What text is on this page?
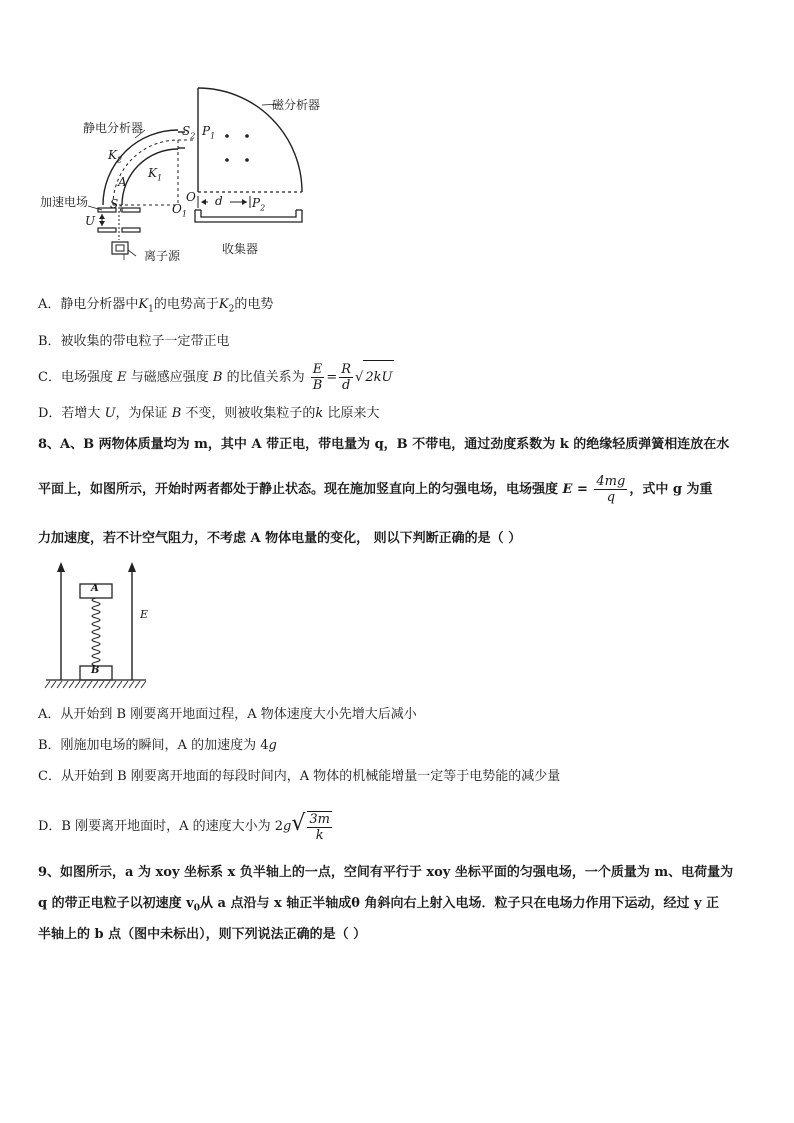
静电分析器
磁分析器
加速电场
离子源	收集器
$S_2$ $P_1$
$K_2$
$K_1$
A
O
$O_1$
$S_1$
U
d $P_2$
A．静电分析器中$K_1$的电势高于$K_2$的电势
B．被收集的带电粒子一定带正电
C．电场强度 E 与磁感应强度 B 的比值关系为 $\frac{E}{B} = \frac{R}{d}$ √ 2kU
D．若增大 U，为保证 B 不变，则被收集粒子的k 比原来大
8、A、B 两物体质量均为 m，其中 A 带正电，带电量为 q，B 不带电，通过劲度系数为 k 的绝缘轻质弹簧相连放在水
平面上，如图所示，开始时两者都处于静止状态。现在施加竖直向上的匀强电场，电场强度 $E = \frac{4mg}{q}$ ，式中 g 为重
力加速度，若不计空气阻力，不考虑 A 物体电量的变化， 则以下判断正确的是（ ）
A
B
E
A．从开始到 B 刚要离开地面过程，A 物体速度大小先增大后减小
B．刚施加电场的瞬间，A 的加速度为 4g
C．从开始到 B 刚要离开地面的每段时间内，A 物体的机械能增量一定等于电势能的减少量
D．B 刚要离开地面时，A 的速度大小为 $2g√ \frac{3m}{k}$
9、如图所示，a 为 xoy 坐标系 x 负半轴上的一点，空间有平行于 xoy 坐标平面的匀强电场，一个质量为 m、电荷量为
q 的带正电粒子以初速度 $v_0$从 a 点沿与 x 轴正半轴成θ 角斜向右上射入电场．粒子只在电场力作用下运动，经过 y 正
半轴上的 b 点（图中未标出），则下列说法正确的是（ ）
